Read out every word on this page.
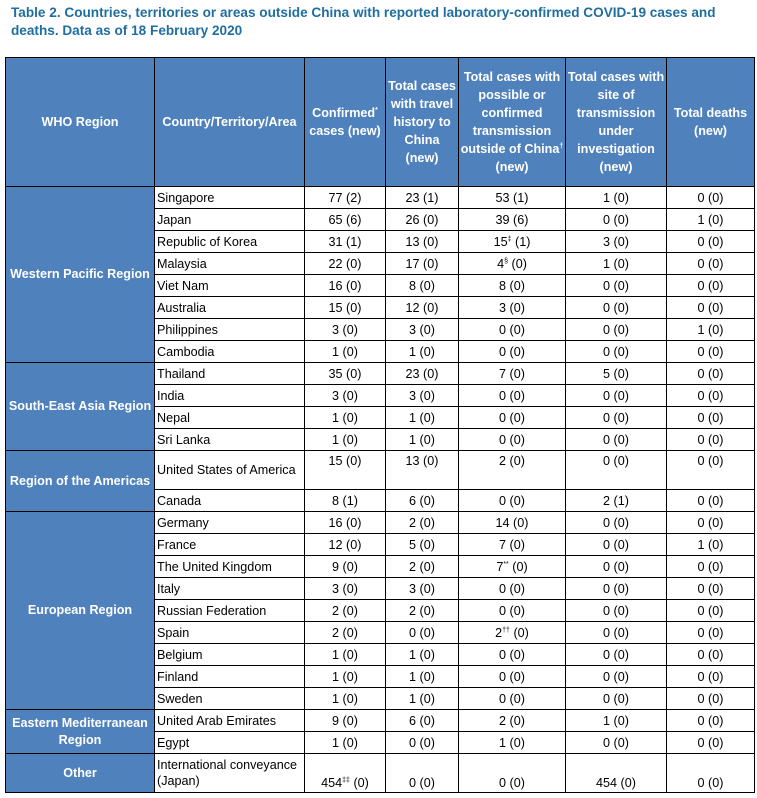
Table 2. Countries, territories or areas outside China with reported laboratory-confirmed COVID-19 cases and deaths. Data as of 18 February 2020
WHO Region	Country/Territory/Area	Confirmed* cases (new)	Total cases with travel history to China (new)	Total cases with possible or confirmed transmission outside of China† (new)	Total cases with site of transmission under investigation (new)	Total deaths (new)
Western Pacific Region	Singapore	77 (2)	23 (1)	53 (1)	1 (0)	0 (0)
	Japan	65 (6)	26 (0)	39 (6)	0 (0)	1 (0)
	Republic of Korea	31 (1)	13 (0)	15‡ (1)	3 (0)	0 (0)
	Malaysia	22 (0)	17 (0)	4§ (0)	1 (0)	0 (0)
	Viet Nam	16 (0)	8 (0)	8 (0)	0 (0)	0 (0)
	Australia	15 (0)	12 (0)	3 (0)	0 (0)	0 (0)
	Philippines	3 (0)	3 (0)	0 (0)	0 (0)	1 (0)
	Cambodia	1 (0)	1 (0)	0 (0)	0 (0)	0 (0)
South-East Asia Region	Thailand	35 (0)	23 (0)	7 (0)	5 (0)	0 (0)
	India	3 (0)	3 (0)	0 (0)	0 (0)	0 (0)
	Nepal	1 (0)	1 (0)	0 (0)	0 (0)	0 (0)
	Sri Lanka	1 (0)	1 (0)	0 (0)	0 (0)	0 (0)
Region of the Americas	United States of America	15 (0)	13 (0)	2 (0)	0 (0)	0 (0)
	Canada	8 (1)	6 (0)	0 (0)	2 (1)	0 (0)
European Region	Germany	16 (0)	2 (0)	14 (0)	0 (0)	0 (0)
	France	12 (0)	5 (0)	7 (0)	0 (0)	1 (0)
	The United Kingdom	9 (0)	2 (0)	7** (0)	0 (0)	0 (0)
	Italy	3 (0)	3 (0)	0 (0)	0 (0)	0 (0)
	Russian Federation	2 (0)	2 (0)	0 (0)	0 (0)	0 (0)
	Spain	2 (0)	0 (0)	2†† (0)	0 (0)	0 (0)
	Belgium	1 (0)	1 (0)	0 (0)	0 (0)	0 (0)
	Finland	1 (0)	1 (0)	0 (0)	0 (0)	0 (0)
	Sweden	1 (0)	1 (0)	0 (0)	0 (0)	0 (0)
Eastern Mediterranean Region	United Arab Emirates	9 (0)	6 (0)	2 (0)	1 (0)	0 (0)
	Egypt	1 (0)	0 (0)	1 (0)	0 (0)	0 (0)
Other	International conveyance (Japan)	454‡‡ (0)	0 (0)	0 (0)	454 (0)	0 (0)
